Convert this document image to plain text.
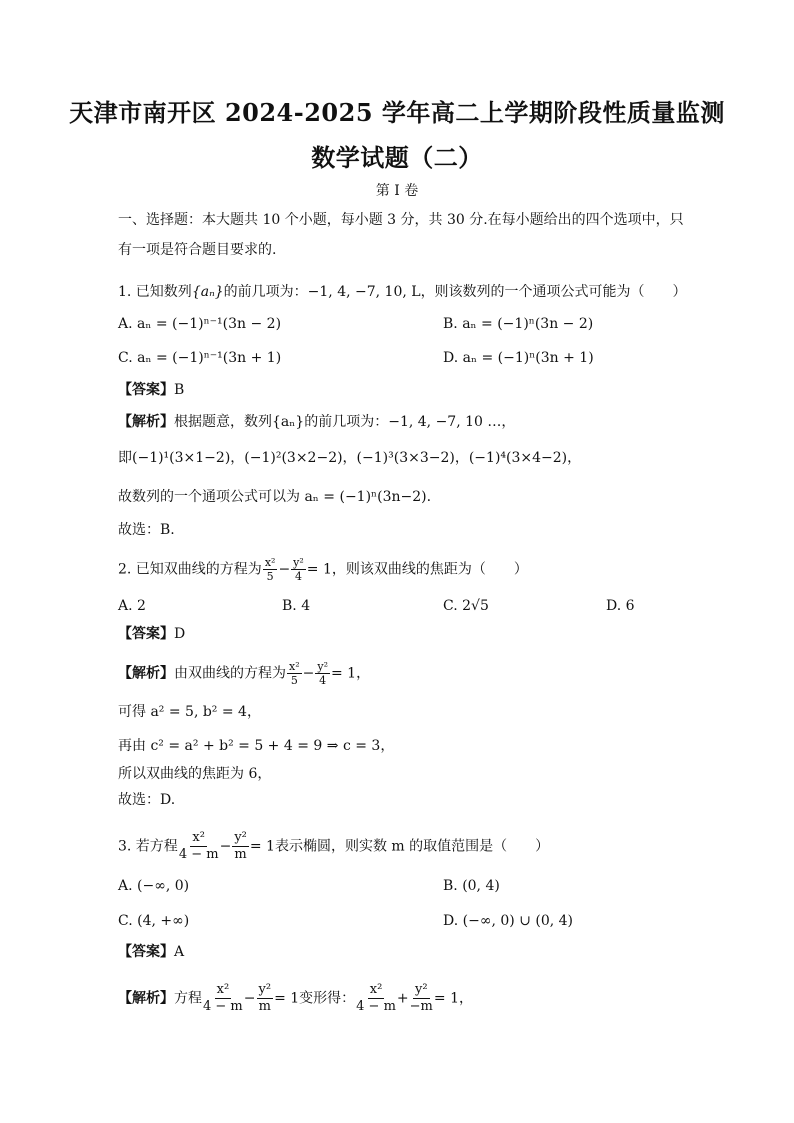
天津市南开区 2024-2025 学年高二上学期阶段性质量监测
数学试题（二）
第 I 卷
一、选择题：本大题共 10 个小题，每小题 3 分，共 30 分.在每小题给出的四个选项中，只
有一项是符合题目要求的.
1. 已知数列{aₙ}的前几项为：−1, 4, −7, 10, L，则该数列的一个通项公式可能为（　　）
A. aₙ = (−1)ⁿ⁻¹(3n − 2)	B. aₙ = (−1)ⁿ(3n − 2)
C. aₙ = (−1)ⁿ⁻¹(3n + 1)	D. aₙ = (−1)ⁿ(3n + 1)
【答案】B
【解析】根据题意，数列{aₙ}的前几项为：−1, 4, −7, 10 …，
即(−1)¹(3×1−2)，(−1)²(3×2−2)，(−1)³(3×3−2)，(−1)⁴(3×4−2)，
故数列的一个通项公式可以为 aₙ = (−1)ⁿ(3n−2).
故选：B.
2. 已知双曲线的方程为 $\frac{\text{x²}}{5} - \frac{\text{y²}}{4} = 1$，则该双曲线的焦距为（　　）
A. 2	B. 4	C. 2√5	D. 6
【答案】D
【解析】由双曲线的方程为 $\frac{\text{x²}}{5} - \frac{\text{y²}}{4} = 1$，
可得 a² = 5, b² = 4，
再由 c² = a² + b² = 5 + 4 = 9 ⇒ c = 3，
所以双曲线的焦距为 6，
故选：D.
3. 若方程 $\frac{\text{x²}}{4 - m} - \frac{\text{y²}}{m} = 1$表示椭圆，则实数 m 的取值范围是（　　）
A. (−∞, 0)	B. (0, 4)
C. (4, +∞)	D. (−∞, 0) ∪ (0, 4)
【答案】A
【解析】方程 $\frac{\text{x²}}{4 - m} - \frac{\text{y²}}{m} = 1$变形得： $\frac{\text{x²}}{4 - m} + \frac{\text{y²}}{-m} = 1$，
